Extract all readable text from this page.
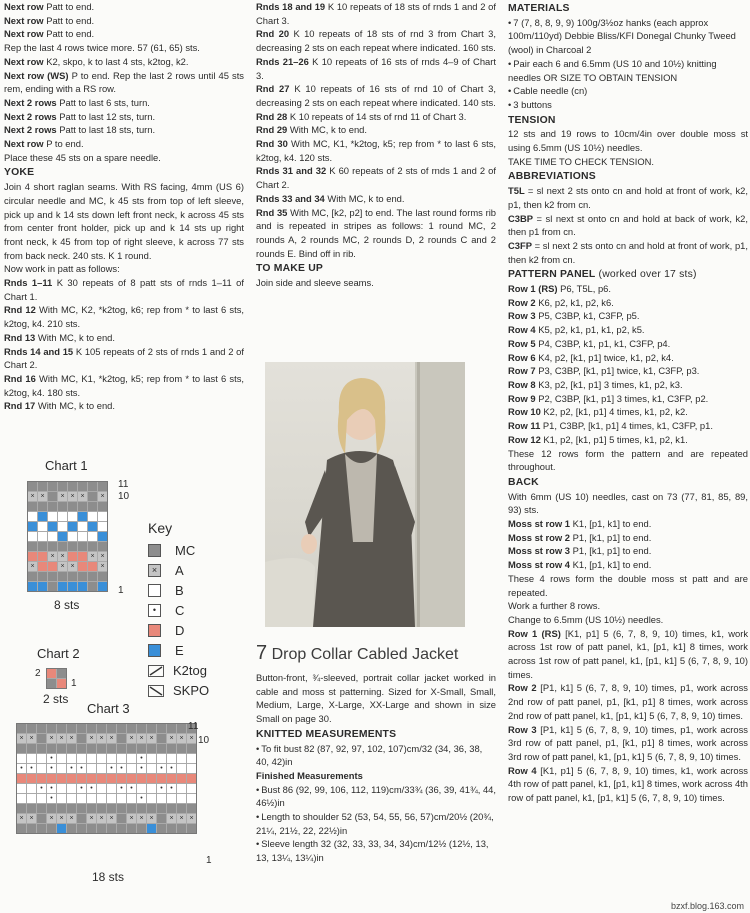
Next row Patt to end.

Next row Patt to end.

Next row Patt to end.

Rep the last 4 rows twice more. 57 (61, 65) sts.

Next row K2, skpo, k to last 4 sts, k2tog, k2.

Next row (WS) P to end. Rep the last 2 rows until 45 sts rem, ending with a RS row.

Next 2 rows Patt to last 6 sts, turn.

Next 2 rows Patt to last 12 sts, turn.

Next 2 rows Patt to last 18 sts, turn.

Next row P to end.

Place these 45 sts on a spare needle.

YOKE

Join 4 short raglan seams. With RS facing, 4mm (US 6) circular needle and MC, k 45 sts from top of left sleeve, pick up and k 14 sts down left front neck, k across 45 sts from center front holder, pick up and k 14 sts up right front neck, k 45 from top of right sleeve, k across 77 sts from back neck. 240 sts. K 1 round.

Now work in patt as follows:

Rnds 1–11 K 30 repeats of 8 patt sts of rnds 1–11 of Chart 1.

Rnd 12 With MC, K2, *k2tog, k6; rep from * to last 6 sts, k2tog, k4. 210 sts.

Rnd 13 With MC, k to end.

Rnds 14 and 15 K 105 repeats of 2 sts of rnds 1 and 2 of Chart 2.

Rnd 16 With MC, K1, *k2tog, k5; rep from * to last 6 sts, k2tog, k4. 180 sts.

Rnd 17 With MC, k to end.

Rnds 18 and 19 K 10 repeats of 18 sts of rnds 1 and 2 of Chart 3.

Rnd 20 K 10 repeats of 18 sts of rnd 3 from Chart 3, decreasing 2 sts on each repeat where indicated. 160 sts.

Rnds 21–26 K 10 repeats of 16 sts of rnds 4–9 of Chart 3.

Rnd 27 K 10 repeats of 16 sts of rnd 10 of Chart 3, decreasing 2 sts on each repeat where indicated. 140 sts.

Rnd 28 K 10 repeats of 14 sts of rnd 11 of Chart 3.

Rnd 29 With MC, k to end.

Rnd 30 With MC, K1, *k2tog, k5; rep from * to last 6 sts, k2tog, k4. 120 sts.

Rnds 31 and 32 K 60 repeats of 2 sts of rnds 1 and 2 of Chart 2.

Rnds 33 and 34 With MC, k to end.

Rnd 35 With MC, [k2, p2] to end. The last round forms rib and is repeated in stripes as follows: 1 round MC, 2 rounds A, 2 rounds MC, 2 rounds D, 2 rounds C and 2 rounds E. Bind off in rib.

TO MAKE UP

Join side and sleeve seams.

MATERIALS

• 7 (7, 8, 8, 9, 9) 100g/3½oz hanks (each approx 100m/110yd) Debbie Bliss/KFI Donegal Chunky Tweed (wool) in Charcoal 2

• Pair each 6 and 6.5mm (US 10 and 10½) knitting needles OR SIZE TO OBTAIN TENSION

• Cable needle (cn)

• 3 buttons

TENSION

12 sts and 19 rows to 10cm/4in over double moss st using 6.5mm (US 10½) needles.

TAKE TIME TO CHECK TENSION.

ABBREVIATIONS

T5L = sl next 2 sts onto cn and hold at front of work, k2, p1, then k2 from cn.

C3BP = sl next st onto cn and hold at back of work, k2, then p1 from cn.

C3FP = sl next 2 sts onto cn and hold at front of work, p1, then k2 from cn.

PATTERN PANEL (worked over 17 sts)

Row 1 (RS) P6, T5L, p6.

Row 2 K6, p2, k1, p2, k6.

Row 3 P5, C3BP, k1, C3FP, p5.

Row 4 K5, p2, k1, p1, k1, p2, k5.

Row 5 P4, C3BP, k1, p1, k1, C3FP, p4.

Row 6 K4, p2, [k1, p1] twice, k1, p2, k4.

Row 7 P3, C3BP, [k1, p1] twice, k1, C3FP, p3.

Row 8 K3, p2, [k1, p1] 3 times, k1, p2, k3.

Row 9 P2, C3BP, [k1, p1] 3 times, k1, C3FP, p2.

Row 10 K2, p2, [k1, p1] 4 times, k1, p2, k2.

Row 11 P1, C3BP, [k1, p1] 4 times, k1, C3FP, p1.

Row 12 K1, p2, [k1, p1] 5 times, k1, p2, k1.

These 12 rows form the pattern and are repeated throughout.

BACK

With 6mm (US 10) needles, cast on 73 (77, 81, 85, 89, 93) sts.

Moss st row 1 K1, [p1, k1] to end.

Moss st row 2 P1, [k1, p1] to end.

Moss st row 3 P1, [k1, p1] to end.

Moss st row 4 K1, [p1, k1] to end.

These 4 rows form the double moss st patt and are repeated.

Work a further 8 rows.

Change to 6.5mm (US 10½) needles.

Row 1 (RS) [K1, p1] 5 (6, 7, 8, 9, 10) times, k1, work across 1st row of patt panel, k1, [p1, k1] 8 times, work across 1st row of patt panel, k1, [p1, k1] 5 (6, 7, 8, 9, 10) times.

Row 2 [P1, k1] 5 (6, 7, 8, 9, 10) times, p1, work across 2nd row of patt panel, p1, [k1, p1] 8 times, work across 2nd row of patt panel, k1, [p1, k1] 5 (6, 7, 8, 9, 10) times.

Row 3 [P1, k1] 5 (6, 7, 8, 9, 10) times, p1, work across 3rd row of patt panel, p1, [k1, p1] 8 times, work across 3rd row of patt panel, k1, [p1, k1] 5 (6, 7, 8, 9, 10) times.

Row 4 [K1, p1] 5 (6, 7, 8, 9, 10) times, k1, work across 4th row of patt panel, k1, [p1, k1] 8 times, work across 4th row of patt panel, k1, [p1, k1] 5 (6, 7, 8, 9, 10) times.

Chart 1
× ×	× × ×	×
× ×	× ×
×	× ×	×
11
10
1
8 sts
Chart 2
2
1
2 sts
Chart 3
× ×	× × ×	× × ×	× × ×	× × ×
•	•
•	•	•	•	•	•	•	•	•	•
•	•	•	•	•	•	•	•
•	•
× ×	× × ×	× × ×	× × ×	× × ×
11
10
1
18 sts
Key
MC
× A
B
•	C
D
E
K2tog
SKPO
7 Drop Collar Cabled Jacket

Button-front, ¾-sleeved, portrait collar jacket worked in cable and moss st patterning. Sized for X-Small, Small, Medium, Large, X-Large, XX-Large and shown in size Small on page 30.

KNITTED MEASUREMENTS

• To fit bust 82 (87, 92, 97, 102, 107)cm/32 (34, 36, 38, 40, 42)in

Finished Measurements

• Bust 86 (92, 99, 106, 112, 119)cm/33¾ (36, 39, 41¾, 44, 46½)in

• Length to shoulder 52 (53, 54, 55, 56, 57)cm/20½ (20¾, 21¼, 21½, 22, 22½)in

• Sleeve length 32 (32, 33, 33, 34, 34)cm/12½ (12½, 13, 13, 13¼, 13¼)in

bzxf.blog.163.com
